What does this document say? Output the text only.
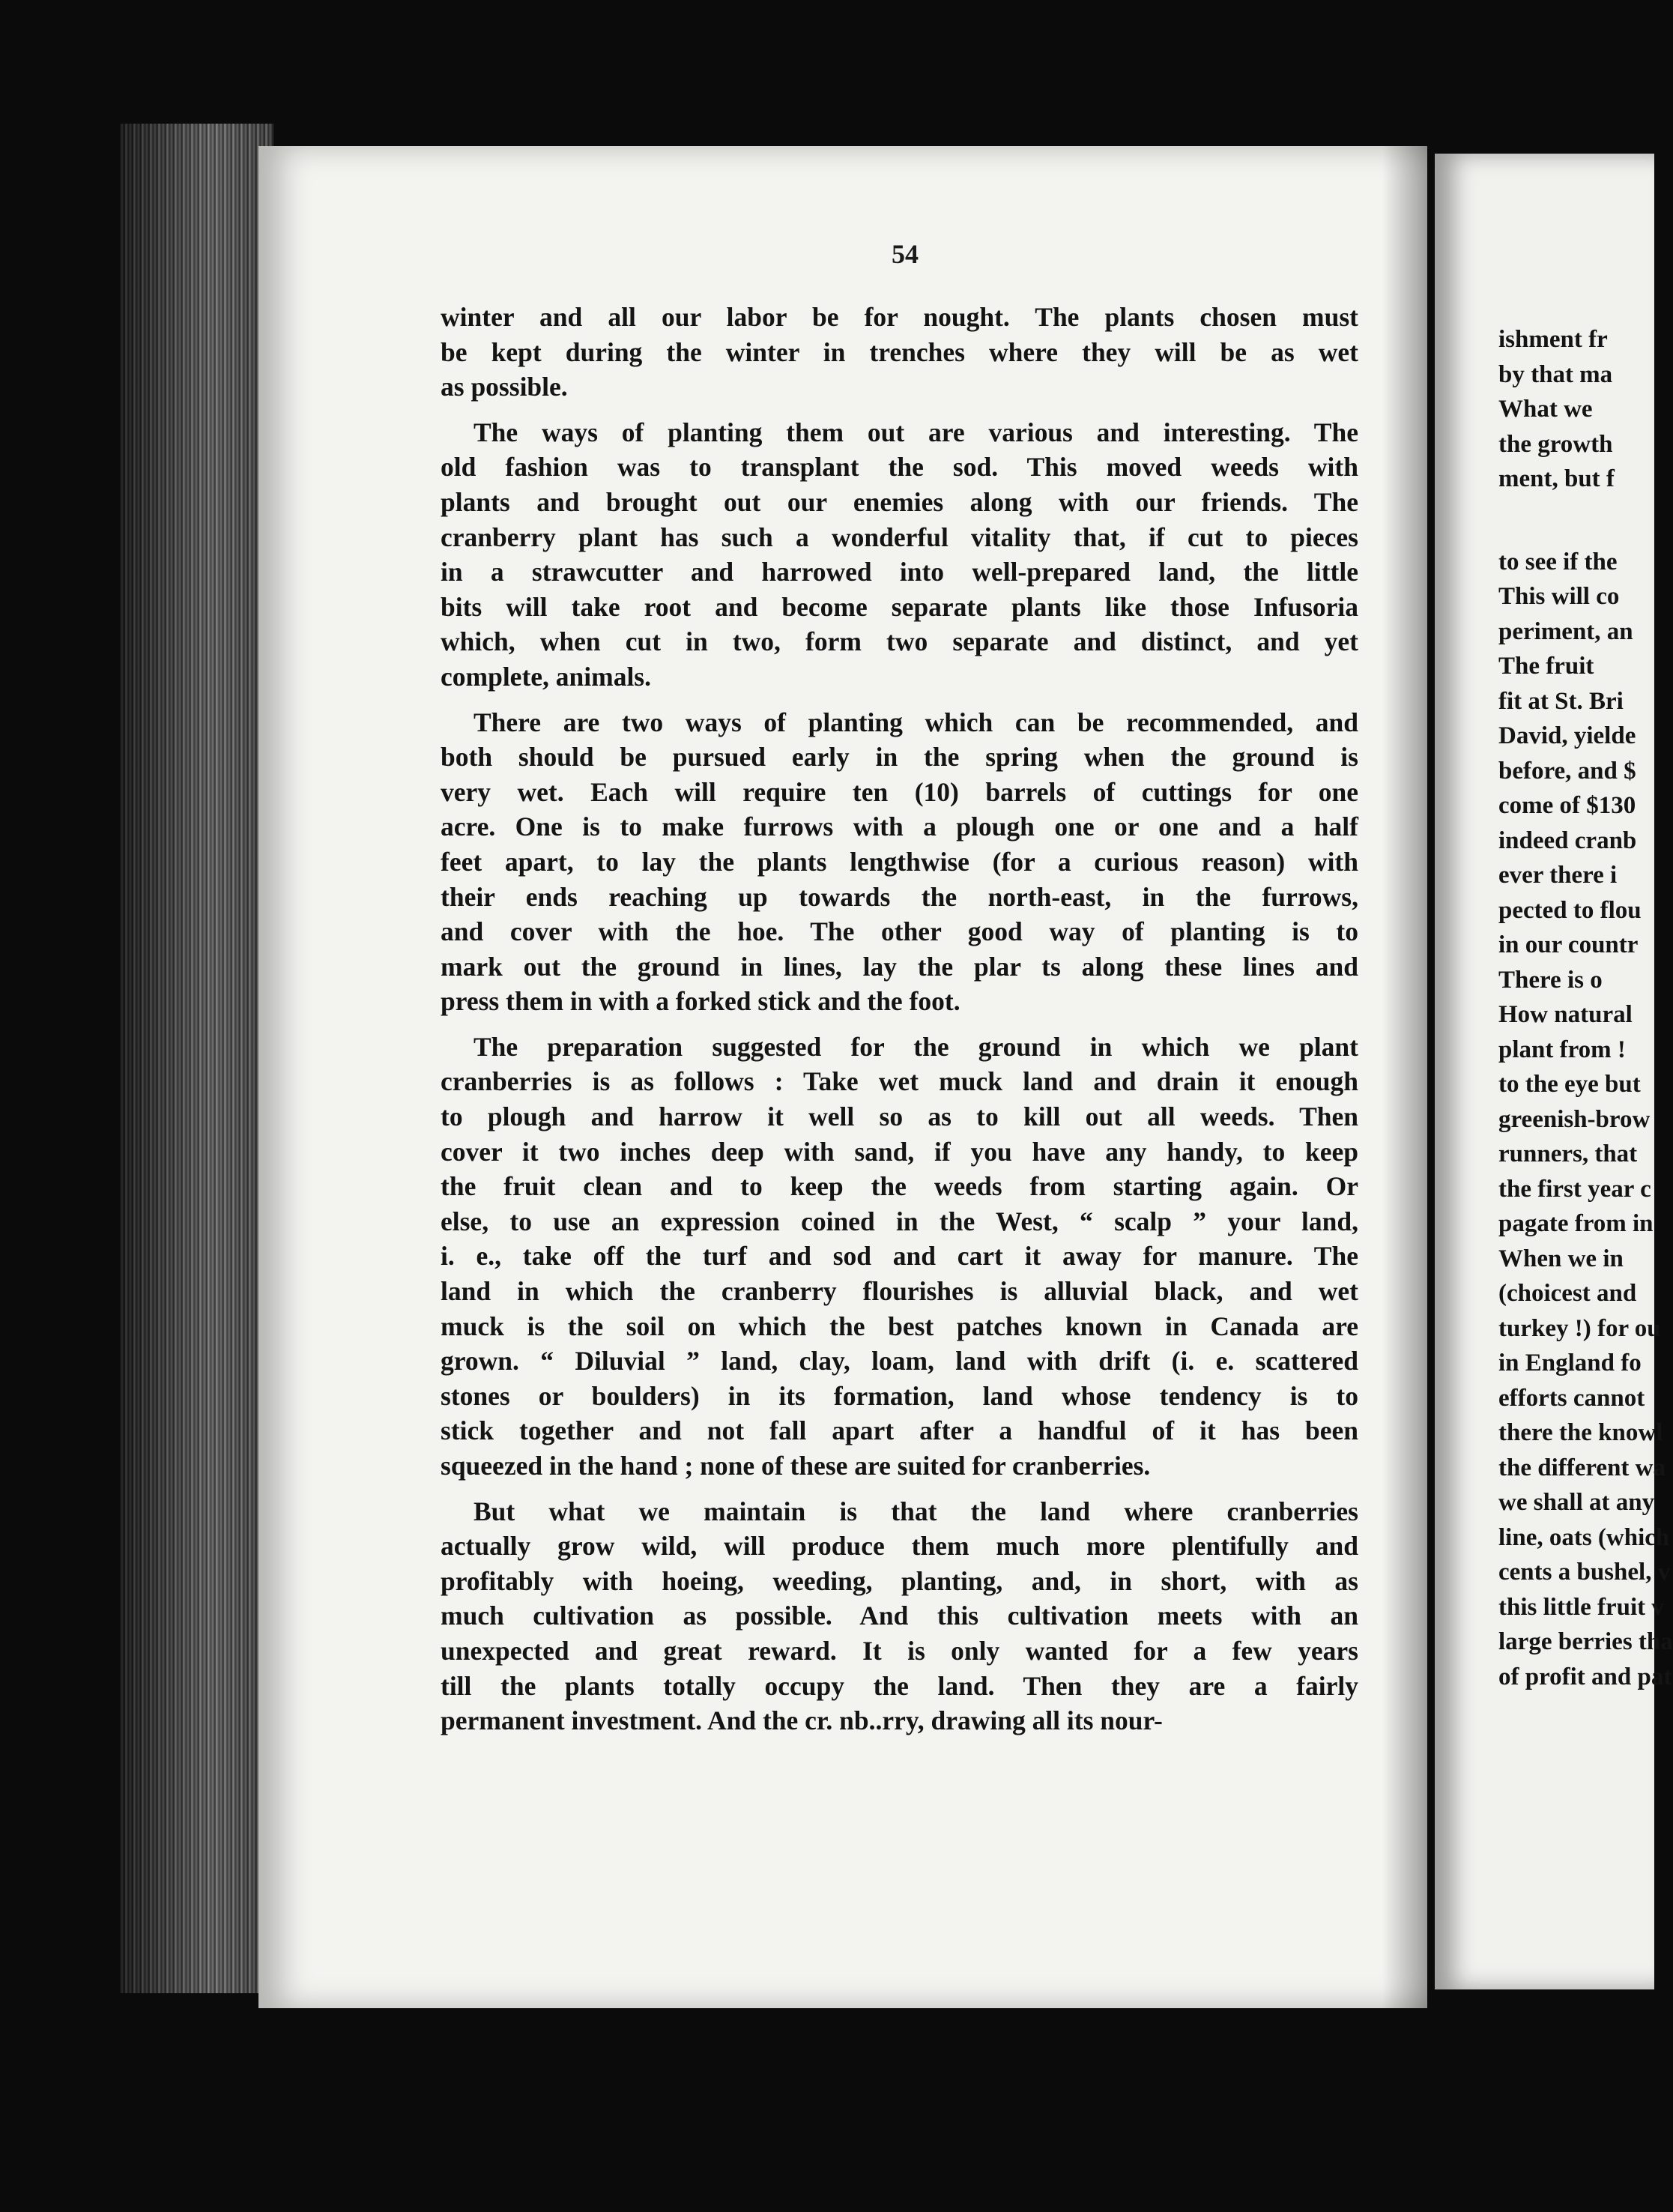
54

winter and all our labor be for nought. The plants chosen must
be kept during the winter in trenches where they will be as wet
as possible.

The ways of planting them out are various and interesting. The
old fashion was to transplant the sod. This moved weeds with
plants and brought out our enemies along with our friends. The
cranberry plant has such a wonderful vitality that, if cut to pieces
in a strawcutter and harrowed into well-prepared land, the little
bits will take root and become separate plants like those Infusoria
which, when cut in two, form two separate and distinct, and yet
complete, animals.

There are two ways of planting which can be recommended, and
both should be pursued early in the spring when the ground is
very wet. Each will require ten (10) barrels of cuttings for one
acre. One is to make furrows with a plough one or one and a half
feet apart, to lay the plants lengthwise (for a curious reason) with
their ends reaching up towards the north-east, in the furrows,
and cover with the hoe. The other good way of planting is to
mark out the ground in lines, lay the plar ts along these lines and
press them in with a forked stick and the foot.

The preparation suggested for the ground in which we plant
cranberries is as follows : Take wet muck land and drain it enough
to plough and harrow it well so as to kill out all weeds. Then
cover it two inches deep with sand, if you have any handy, to keep
the fruit clean and to keep the weeds from starting again. Or
else, to use an expression coined in the West, “ scalp ” your land,
i. e., take off the turf and sod and cart it away for manure. The
land in which the cranberry flourishes is alluvial black, and wet
muck is the soil on which the best patches known in Canada are
grown. “ Diluvial ” land, clay, loam, land with drift (i. e. scattered
stones or boulders) in its formation, land whose tendency is to
stick together and not fall apart after a handful of it has been
squeezed in the hand ; none of these are suited for cranberries.

But what we maintain is that the land where cranberries
actually grow wild, will produce them much more plentifully and
profitably with hoeing, weeding, planting, and, in short, with as
much cultivation as possible. And this cultivation meets with an
unexpected and great reward. It is only wanted for a few years
till the plants totally occupy the land. Then they are a fairly
permanent investment. And the cr. nb..rry, drawing all its nour-

ishment fr
by that ma
What we
the growth
ment, but f
to see if the
This will co
periment, an
The fruit
fit at St. Bri
David, yielde
before, and $
come of $130
indeed cranb
ever there i
pected to flou
in our countr
There is o
How natural
plant from !
to the eye but
greenish-brow
runners, that
the first year c
pagate from in
When we in
(choicest and
turkey !) for ou
in England fo
efforts cannot
there the knowl
the different wa
we shall at any
line, oats (which
cents a bushel, v
this little fruit v
large berries tha
of profit and pat
